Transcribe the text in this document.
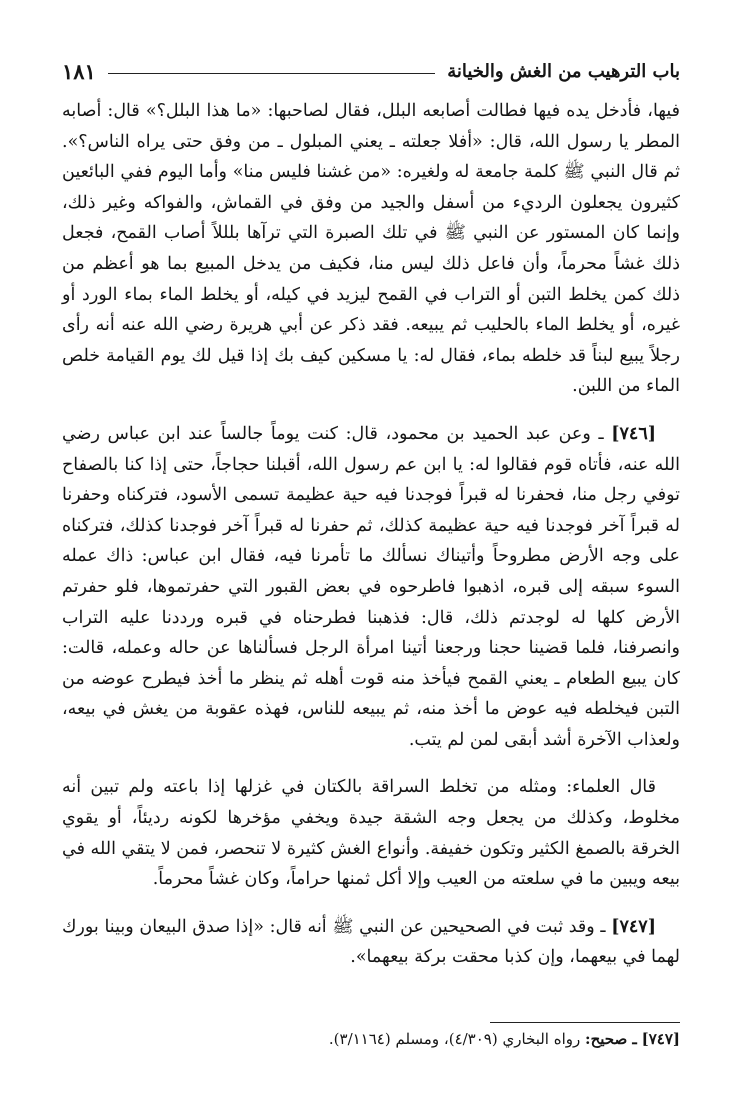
١٨١	باب الترهيب من الغش والخيانة

فيها، فأدخل يده فيها فطالت أصابعه البلل، فقال لصاحبها: «ما هذا البلل؟» قال: أصابه المطر يا رسول الله، قال: «أفلا جعلته ـ يعني المبلول ـ من وفق حتى يراه الناس؟». ثم قال النبي ﷺ كلمة جامعة له ولغيره: «من غشنا فليس منا» وأما اليوم ففي البائعين كثيرون يجعلون الرديء من أسفل والجيد من وفق في القماش، والفواكه وغير ذلك، وإنما كان المستور عن النبي ﷺ في تلك الصبرة التي ترآها بلللاً أصاب القمح، فجعل ذلك غشاً محرماً، وأن فاعل ذلك ليس منا، فكيف من يدخل المبيع بما هو أعظم من ذلك كمن يخلط التبن أو التراب في القمح ليزيد في كيله، أو يخلط الماء بماء الورد أو غيره، أو يخلط الماء بالحليب ثم يبيعه. فقد ذكر عن أبي هريرة رضي الله عنه أنه رأى رجلاً يبيع لبناً قد خلطه بماء، فقال له: يا مسكين كيف بك إذا قيل لك يوم القيامة خلص الماء من اللبن.

[٧٤٦] ـ وعن عبد الحميد بن محمود، قال: كنت يوماً جالساً عند ابن عباس رضي الله عنه، فأتاه قوم فقالوا له: يا ابن عم رسول الله، أقبلنا حجاجاً، حتى إذا كنا بالصفاح توفي رجل منا، فحفرنا له قبراً فوجدنا فيه حية عظيمة تسمى الأسود، فتركناه وحفرنا له قبراً آخر فوجدنا فيه حية عظيمة كذلك، ثم حفرنا له قبراً آخر فوجدنا كذلك، فتركناه على وجه الأرض مطروحاً وأتيناك نسألك ما تأمرنا فيه، فقال ابن عباس: ذاك عمله السوء سبقه إلى قبره، اذهبوا فاطرحوه في بعض القبور التي حفرتموها، فلو حفرتم الأرض كلها له لوجدتم ذلك، قال: فذهبنا فطرحناه في قبره ورددنا عليه التراب وانصرفنا، فلما قضينا حجنا ورجعنا أتينا امرأة الرجل فسألناها عن حاله وعمله، قالت: كان يبيع الطعام ـ يعني القمح فيأخذ منه قوت أهله ثم ينظر ما أخذ فيطرح عوضه من التبن فيخلطه فيه عوض ما أخذ منه، ثم يبيعه للناس، فهذه عقوبة من يغش في بيعه، ولعذاب الآخرة أشد أبقى لمن لم يتب.

قال العلماء: ومثله من تخلط السراقة بالكتان في غزلها إذا باعته ولم تبين أنه مخلوط، وكذلك من يجعل وجه الشقة جيدة ويخفي مؤخرها لكونه رديئاً، أو يقوي الخرقة بالصمغ الكثير وتكون خفيفة. وأنواع الغش كثيرة لا تنحصر، فمن لا يتقي الله في بيعه ويبين ما في سلعته من العيب وإلا أكل ثمنها حراماً، وكان غشاً محرماً.

[٧٤٧] ـ وقد ثبت في الصحيحين عن النبي ﷺ أنه قال: «إذا صدق البيعان وبينا بورك لهما في بيعهما، وإن كذبا محقت بركة بيعهما».

[٧٤٧] ـ صحيح: رواه البخاري (٤/٣٠٩)، ومسلم (٣/١١٦٤).
